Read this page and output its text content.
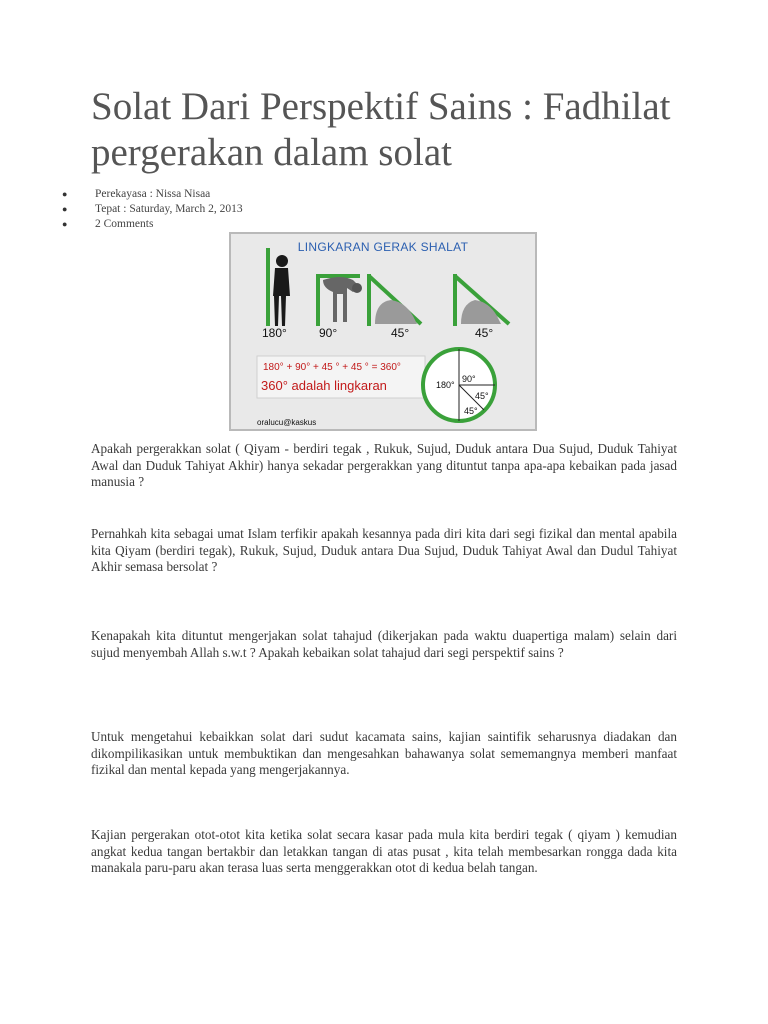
Solat Dari Perspektif Sains : Fadhilat pergerakan dalam solat
● Perekayasa : Nissa Nisaa
● Tepat : Saturday, March 2, 2013
● 2 Comments
LINGKARAN GERAK SHALAT
180°	90°	45°	45°
180° + 90° + 45 ° + 45 ° = 360°
360° adalah lingkaran	180°
90°
45°
45°
oralucu@kaskus

Apakah pergerakkan solat ( Qiyam - berdiri tegak , Rukuk, Sujud, Duduk antara Dua Sujud, Duduk Tahiyat Awal dan Duduk Tahiyat Akhir) hanya sekadar pergerakkan yang dituntut tanpa apa-apa kebaikan pada jasad manusia ?

Pernahkah kita sebagai umat Islam terfikir apakah kesannya pada diri kita dari segi fizikal dan mental apabila kita Qiyam (berdiri tegak), Rukuk, Sujud, Duduk antara Dua Sujud, Duduk Tahiyat Awal dan Dudul Tahiyat Akhir semasa bersolat ?

Kenapakah kita dituntut mengerjakan solat tahajud (dikerjakan pada waktu duapertiga malam) selain dari sujud menyembah Allah s.w.t ? Apakah kebaikan solat tahajud dari segi perspektif sains ?

Untuk mengetahui kebaikkan solat dari sudut kacamata sains, kajian saintifik seharusnya diadakan dan dikompilikasikan untuk membuktikan dan mengesahkan bahawanya solat sememangnya memberi manfaat fizikal dan mental kepada yang mengerjakannya.

Kajian pergerakan otot-otot kita ketika solat secara kasar pada mula kita berdiri tegak ( qiyam ) kemudian angkat kedua tangan bertakbir dan letakkan tangan di atas pusat , kita telah membesarkan rongga dada kita manakala paru-paru akan terasa luas serta menggerakkan otot di kedua belah tangan.
